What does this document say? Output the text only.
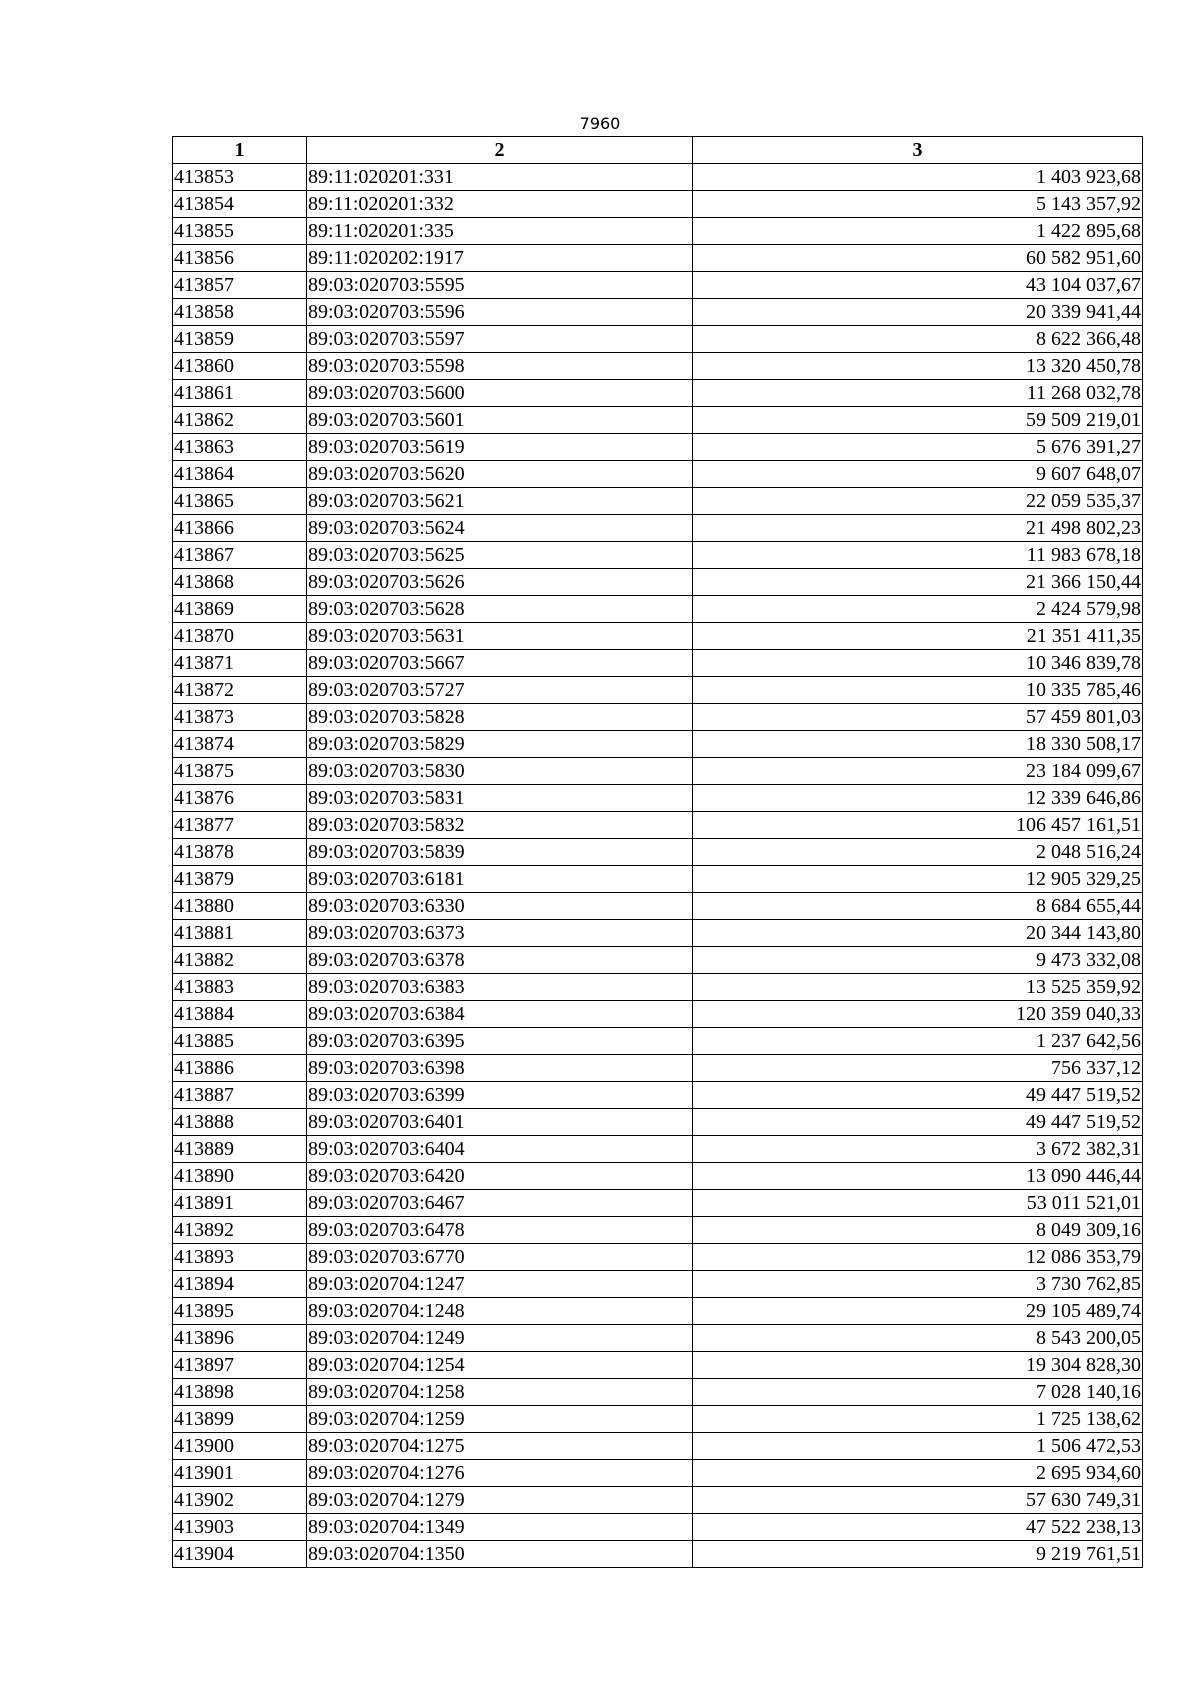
7960
1	2	3
413853	89:11:020201:331	1 403 923,68
413854	89:11:020201:332	5 143 357,92
413855	89:11:020201:335	1 422 895,68
413856	89:11:020202:1917	60 582 951,60
413857	89:03:020703:5595	43 104 037,67
413858	89:03:020703:5596	20 339 941,44
413859	89:03:020703:5597	8 622 366,48
413860	89:03:020703:5598	13 320 450,78
413861	89:03:020703:5600	11 268 032,78
413862	89:03:020703:5601	59 509 219,01
413863	89:03:020703:5619	5 676 391,27
413864	89:03:020703:5620	9 607 648,07
413865	89:03:020703:5621	22 059 535,37
413866	89:03:020703:5624	21 498 802,23
413867	89:03:020703:5625	11 983 678,18
413868	89:03:020703:5626	21 366 150,44
413869	89:03:020703:5628	2 424 579,98
413870	89:03:020703:5631	21 351 411,35
413871	89:03:020703:5667	10 346 839,78
413872	89:03:020703:5727	10 335 785,46
413873	89:03:020703:5828	57 459 801,03
413874	89:03:020703:5829	18 330 508,17
413875	89:03:020703:5830	23 184 099,67
413876	89:03:020703:5831	12 339 646,86
413877	89:03:020703:5832	106 457 161,51
413878	89:03:020703:5839	2 048 516,24
413879	89:03:020703:6181	12 905 329,25
413880	89:03:020703:6330	8 684 655,44
413881	89:03:020703:6373	20 344 143,80
413882	89:03:020703:6378	9 473 332,08
413883	89:03:020703:6383	13 525 359,92
413884	89:03:020703:6384	120 359 040,33
413885	89:03:020703:6395	1 237 642,56
413886	89:03:020703:6398	756 337,12
413887	89:03:020703:6399	49 447 519,52
413888	89:03:020703:6401	49 447 519,52
413889	89:03:020703:6404	3 672 382,31
413890	89:03:020703:6420	13 090 446,44
413891	89:03:020703:6467	53 011 521,01
413892	89:03:020703:6478	8 049 309,16
413893	89:03:020703:6770	12 086 353,79
413894	89:03:020704:1247	3 730 762,85
413895	89:03:020704:1248	29 105 489,74
413896	89:03:020704:1249	8 543 200,05
413897	89:03:020704:1254	19 304 828,30
413898	89:03:020704:1258	7 028 140,16
413899	89:03:020704:1259	1 725 138,62
413900	89:03:020704:1275	1 506 472,53
413901	89:03:020704:1276	2 695 934,60
413902	89:03:020704:1279	57 630 749,31
413903	89:03:020704:1349	47 522 238,13
413904	89:03:020704:1350	9 219 761,51
